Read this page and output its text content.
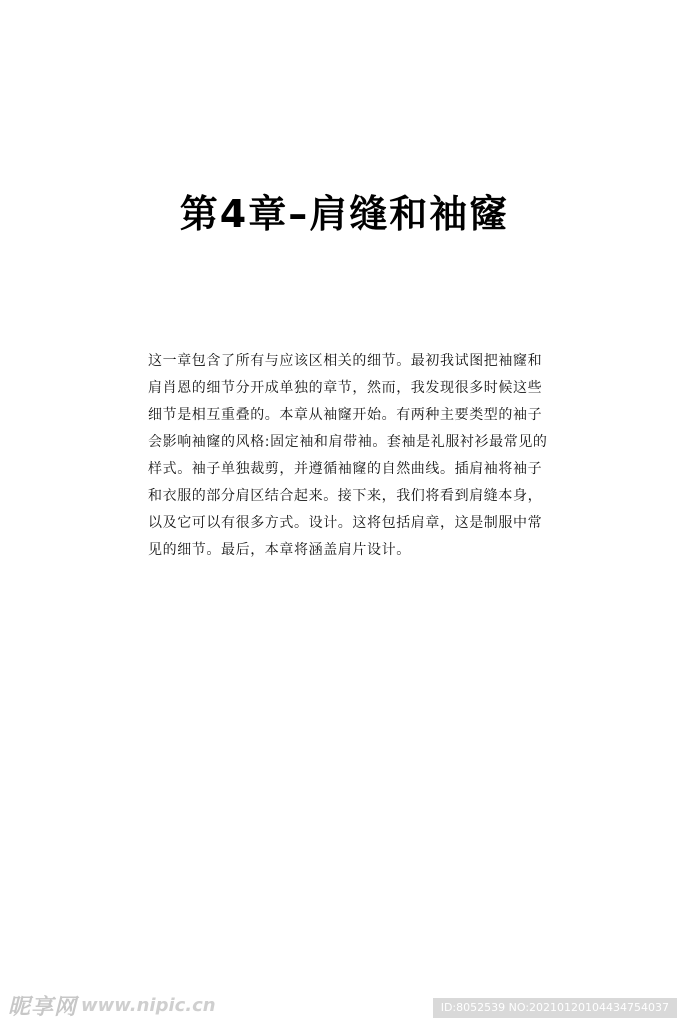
第4章–肩缝和袖窿
这一章包含了所有与应该区相关的细节。最初我试图把袖窿和
肩肖恩的细节分开成单独的章节，然而，我发现很多时候这些
细节是相互重叠的。本章从袖窿开始。有两种主要类型的袖子
会影响袖窿的风格:固定袖和肩带袖。套袖是礼服衬衫最常见的
样式。袖子单独裁剪，并遵循袖窿的自然曲线。插肩袖将袖子
和衣服的部分肩区结合起来。接下来，我们将看到肩缝本身，
以及它可以有很多方式。设计。这将包括肩章，这是制服中常
见的细节。最后，本章将涵盖肩片设计。
昵享网 www.nipic.cn	ID:8052539 NO:20210120104434754037
